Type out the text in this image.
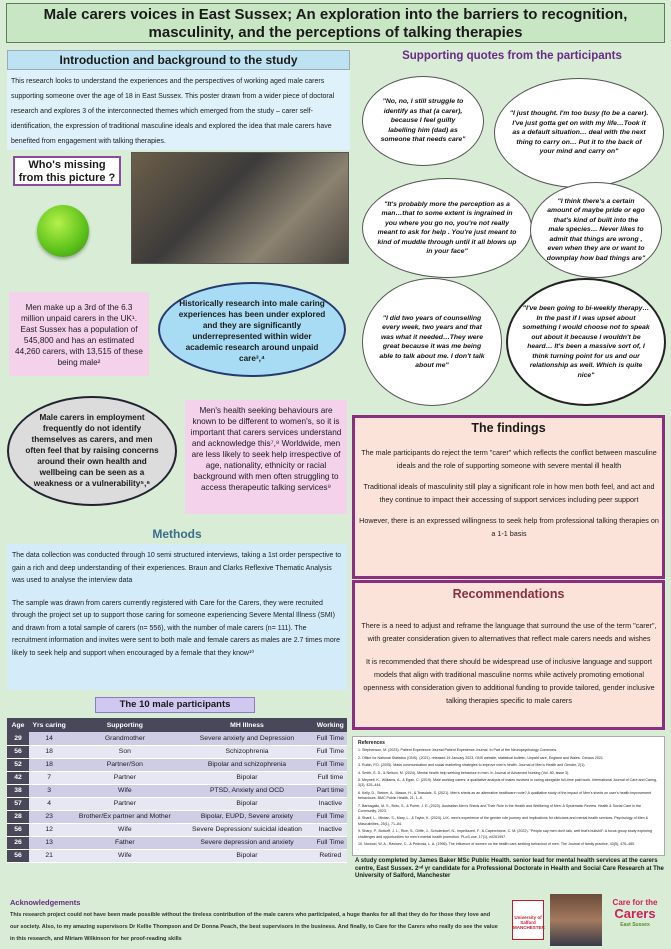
Male carers voices in East Sussex; An exploration into the barriers to recognition, masculinity, and the perceptions of talking therapies
Introduction and background to the study
This research looks to understand the experiences and the perspectives of working aged male carers supporting someone over the age of 18 in East Sussex. This poster drawn from a wider piece of doctoral research and explores 3 of the interconnected themes which emerged from the study – carer self-identification, the expression of traditional masculine ideals and explored the idea that male carers have benefited from engagement with talking therapies.
Who's missing from this picture ?
Men make up a 3rd of the 6.3 million unpaid carers in the UK¹. East Sussex has a population of 545,800 and has an estimated 44,260 carers, with 13,515 of these being male²
Historically research into male caring experiences has been under explored and they are significantly underrepresented within wider academic research around unpaid care³,⁴
Male carers in employment frequently do not identify themselves as carers, and men often feel that by raising concerns around their own health and wellbeing can be seen as a weakness or a vulnerability⁵,⁶
Men's health seeking behaviours are known to be different to women's, so it is important that carers services understand and acknowledge this⁷,⁸ Worldwide, men are less likely to seek help irrespective of age, nationality, ethnicity or racial background with men often struggling to access therapeutic talking services⁹
Methods

The data collection was conducted through 10 semi structured interviews, taking a 1st order perspective to gain a rich and deep understanding of their experiences. Braun and Clarks Reflexive Thematic Analysis was used to analyse the interview data

The sample was drawn from carers currently registered with Care for the Carers, they were recruited through the project set up to support those caring for someone experiencing Severe Mental Illness (SMI) and drawn from a total sample of carers (n= 556), with the number of male carers (n= 111). The recruitment information and invites were sent to both male and female carers as males are 2.7 times more likely to seek help and support when encouraged by a female that they know¹⁰

The 10 male participants
Age	Yrs caring	Supporting	MH Illness	Working
29	14	Grandmother	Severe anxiety and Depression	Full Time
56	18	Son	Schizophrenia	Full Time
52	18	Partner/Son	Bipolar and schizophrenia	Full Time
42	7	Partner	Bipolar	Full time
38	3	Wife	PTSD, Anxiety and OCD	Part time
57	4	Partner	Bipolar	Inactive
28	23	Brother/Ex partner and Mother	Bipolar, EUPD, Severe anxiety	Full Time
56	12	Wife	Severe Depression/ suicidal ideation	Inactive
26	13	Father	Severe depression and anxiety	Full Time
56	21	Wife	Bipolar	Retired
Supporting quotes from the participants
"No, no, I still struggle to identify as that (a carer), because I feel guilty labelling him (dad) as someone that needs care"
"I just thought. I'm too busy (to be a carer). I've just gotta get on with my life…Took it as a default situation… deal with the next thing to carry on… Put it to the back of your mind and carry on"
"It's probably more the perception as a man…that to some extent is ingrained in you where you go no, you're not really meant to ask for help . You're just meant to kind of muddle through until it all blows up in your face"
"I think there's a certain amount of maybe pride or ego that's kind of built into the male species… Never likes to admit that things are wrong , even when they are or want to downplay how bad things are"
"I did two years of counselling every week, two years and that was what it needed…They were great because it was me being able to talk about me. I don't talk about me"
"I've been going to bi-weekly therapy… In the past if I was upset about something I would choose not to speak out about it because I wouldn't be heard… It's been a massive sort of, I think turning point for us and our relationship as well. Which is quite nice"
The findings

The male participants do reject the term "carer" which reflects the conflict between masculine ideals and the role of supporting someone with severe mental ill health

Traditional ideals of masculinity still play a significant role in how men both feel, and act and they continue to impact their accessing of support services including peer support

However, there is an expressed willingness to seek help from professional talking therapies on a 1-1 basis

Recommendations

There is a need to adjust and reframe the language that surround the use of the term "carer", with greater consideration given to alternatives that reflect male carers needs and wishes

It is recommended that there should be widespread use of inclusive language and support models that align with traditional masculine norms while actively promoting emotional openness with consideration given to additional funding to provide tailored, gender inclusive talking therapies specific to male carers

References
1. Stephenson, M. (2023). Patient Experience Journal Patient Experience Journal. In Part of the Neuropsychology Commons.
2. Office for National Statistics (ONS). (2021). released 19 January 2023, ONS website, statistical bulletin, Unpaid care, England and Wales: Census 2021
3. Rubin, P.D. (2005). Mass communication and social marketing strategies to improve men's health. Journal of Men's Health and Gender, 2(1).
4. Smith, S. D., & Nelson, M. (2024). Mental health help seeking behaviour in men. In Journal of Advanced Nursing (Vol. 80, Issue 3).
5. Meynell, K., Williams, A., & Egan, C. (2019). Male working carers: a qualitative analysis of males involved in caring alongside full-time paid work. International Journal of Care and Caring, 3(3), 425–444.
6. Kelly, D., Steiner, A., Mason, H., & Teasdale, S. (2021). Men's sheds as an alternative healthcare route? A qualitative study of the impact of Men's sheds on user's health improvement behaviours. BMC Public Health, 21, 1–9.
7. Barbagallo, M. S., Brito, S., & Porter, J. E. (2023). Australian Men's Sheds and Their Role in the Health and Wellbeing of Men: A Systematic Review. Health & Social Care in the Community, 2023.
8. Sharif, L., Mirdan, S., Mary, L., & Taylor, K. (2024). U.K. men's experience of the gender role journey and implications for clinicians and mental health services. Psychology of Men & Masculinities, 25(1), 71–84.
9. Sharp, P., Bottorff, J. L., Rice, S., Oliffe, J., Schulenkorf, N., Impellizzeri, F., & Caperchione, C. M. (2022). "People say men don't talk, well that's bullshit": A focus group study exploring challenges and opportunities for men's mental health promotion. PLoS one, 17(1), e0261997.
10. Noroozi, W. A., Ravinez, C., & Pedrosa, L. A. (1996). The influence of women on the health care-seeking behaviour of men. The Journal of family practice, 43(5), 475–480.
A study completed by James Baker MSc Public Health. senior lead for mental health services at the carers centre, East Sussex. 2ⁿᵈ yr candidate for a Professional Doctorate in Health and Social Care Research at The University of Salford, Manchester
Acknowledgements
This research project could not have been made possible without the tireless contribution of the male carers who participated, a huge thanks for all that they do for those they love and our society. Also, to my amazing supervisors Dr Kellie Thompson and Dr Donna Peach, the best supervisors in the business. And finally, to Care for the Carers who really do see the value in this research, and Miriam Wilkinson for her proof-reading skills
University of Salford MANCHESTER
Care for the
Carers
East Sussex
